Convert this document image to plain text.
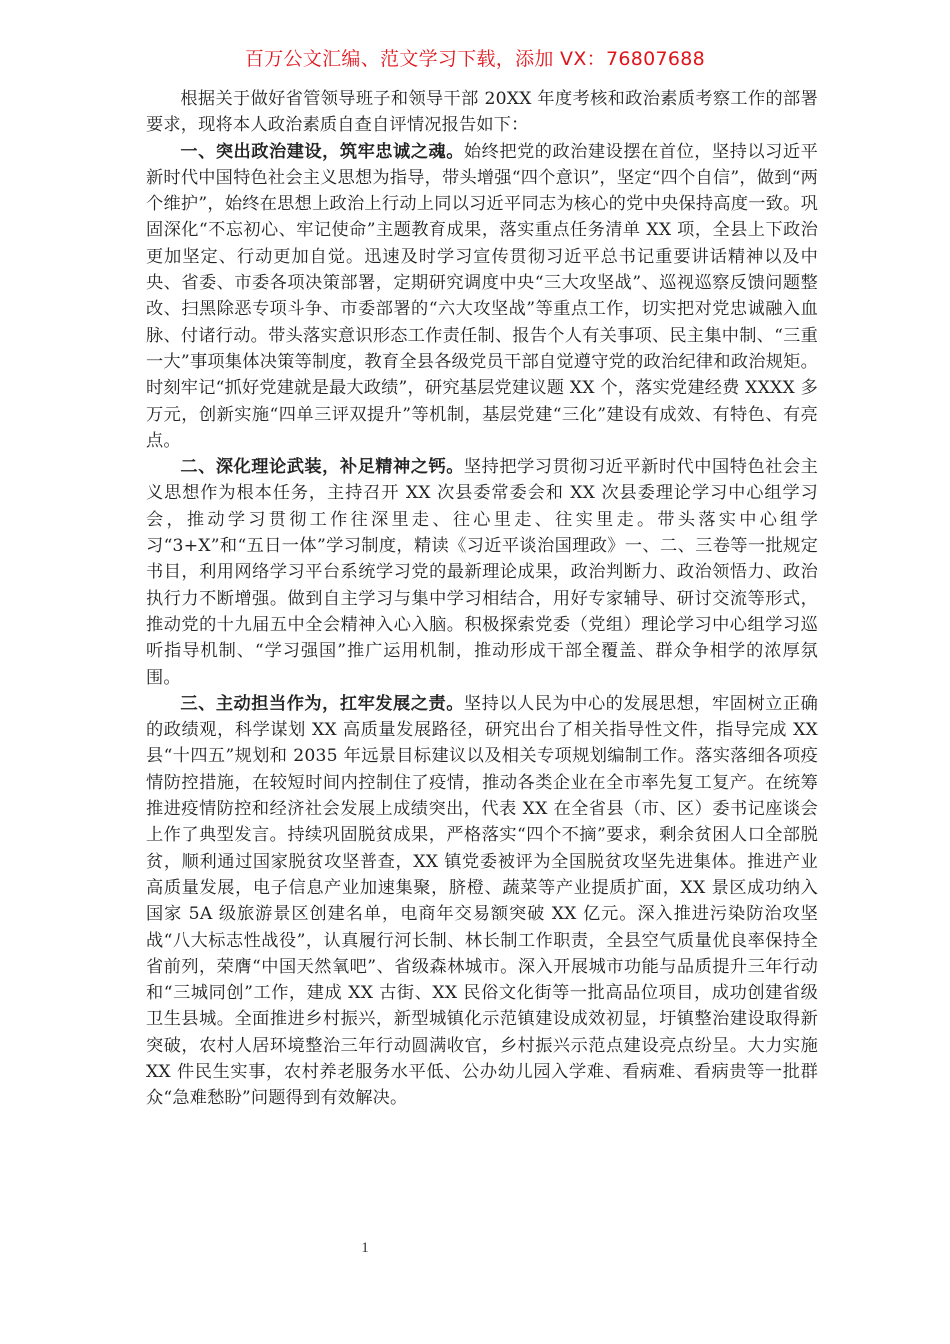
百万公文汇编、范文学习下载，添加 VX：76807688

根据关于做好省管领导班子和领导干部 20XX 年度考核和政治素质考察工作的部署要求，现将本人政治素质自查自评情况报告如下：

一、突出政治建设，筑牢忠诚之魂。始终把党的政治建设摆在首位，坚持以习近平新时代中国特色社会主义思想为指导，带头增强“四个意识”，坚定“四个自信”，做到“两个维护”，始终在思想上政治上行动上同以习近平同志为核心的党中央保持高度一致。巩固深化“不忘初心、牢记使命”主题教育成果，落实重点任务清单 XX 项，全县上下政治更加坚定、行动更加自觉。迅速及时学习宣传贯彻习近平总书记重要讲话精神以及中央、省委、市委各项决策部署，定期研究调度中央“三大攻坚战”、巡视巡察反馈问题整改、扫黑除恶专项斗争、市委部署的“六大攻坚战”等重点工作，切实把对党忠诚融入血脉、付诸行动。带头落实意识形态工作责任制、报告个人有关事项、民主集中制、“三重一大”事项集体决策等制度，教育全县各级党员干部自觉遵守党的政治纪律和政治规矩。时刻牢记“抓好党建就是最大政绩”，研究基层党建议题 XX 个，落实党建经费 XXXX 多万元，创新实施“四单三评双提升”等机制，基层党建“三化”建设有成效、有特色、有亮点。

二、深化理论武装，补足精神之钙。坚持把学习贯彻习近平新时代中国特色社会主义思想作为根本任务，主持召开 XX 次县委常委会和 XX 次县委理论学习中心组学习会，推动学习贯彻工作往深里走、往心里走、往实里走。带头落实中心组学习“3+X”和“五日一体”学习制度，精读《习近平谈治国理政》一、二、三卷等一批规定书目，利用网络学习平台系统学习党的最新理论成果，政治判断力、政治领悟力、政治执行力不断增强。做到自主学习与集中学习相结合，用好专家辅导、研讨交流等形式，推动党的十九届五中全会精神入心入脑。积极探索党委（党组）理论学习中心组学习巡听指导机制、“学习强国”推广运用机制，推动形成干部全覆盖、群众争相学的浓厚氛围。

三、主动担当作为，扛牢发展之责。坚持以人民为中心的发展思想，牢固树立正确的政绩观，科学谋划 XX 高质量发展路径，研究出台了相关指导性文件，指导完成 XX 县“十四五”规划和 2035 年远景目标建议以及相关专项规划编制工作。落实落细各项疫情防控措施，在较短时间内控制住了疫情，推动各类企业在全市率先复工复产。在统筹推进疫情防控和经济社会发展上成绩突出，代表 XX 在全省县（市、区）委书记座谈会上作了典型发言。持续巩固脱贫成果，严格落实“四个不摘”要求，剩余贫困人口全部脱贫，顺利通过国家脱贫攻坚普查，XX 镇党委被评为全国脱贫攻坚先进集体。推进产业高质量发展，电子信息产业加速集聚，脐橙、蔬菜等产业提质扩面，XX 景区成功纳入国家 5A 级旅游景区创建名单，电商年交易额突破 XX 亿元。深入推进污染防治攻坚战“八大标志性战役”，认真履行河长制、林长制工作职责，全县空气质量优良率保持全省前列，荣膺“中国天然氧吧”、省级森林城市。深入开展城市功能与品质提升三年行动和“三城同创”工作，建成 XX 古街、XX 民俗文化街等一批高品位项目，成功创建省级卫生县城。全面推进乡村振兴，新型城镇化示范镇建设成效初显，圩镇整治建设取得新突破，农村人居环境整治三年行动圆满收官，乡村振兴示范点建设亮点纷呈。大力实施 XX 件民生实事，农村养老服务水平低、公办幼儿园入学难、看病难、看病贵等一批群众“急难愁盼”问题得到有效解决。

1
